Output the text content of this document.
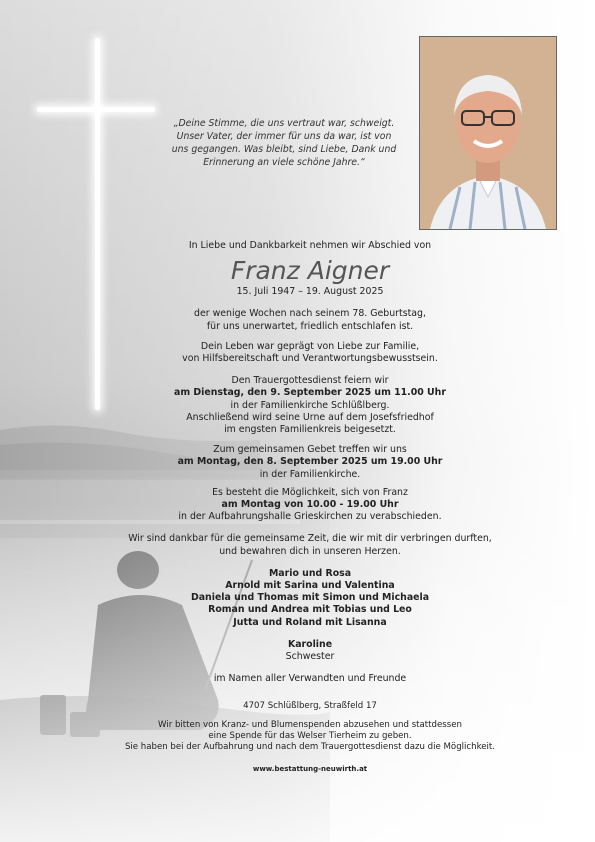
„Deine Stimme, die uns vertraut war, schweigt.
Unser Vater, der immer für uns da war, ist von
uns gegangen. Was bleibt, sind Liebe, Dank und
Erinnerung an viele schöne Jahre.“

In Liebe und Dankbarkeit nehmen wir Abschied von

Franz Aigner

15. Juli 1947 – 19. August 2025

der wenige Wochen nach seinem 78. Geburtstag,

für uns unerwartet, friedlich entschlafen ist.

Dein Leben war geprägt von Liebe zur Familie,

von Hilfsbereitschaft und Verantwortungsbewusstsein.

Den Trauergottesdienst feiern wir

am Dienstag, den 9. September 2025 um 11.00 Uhr

in der Familienkirche Schlüßlberg.

Anschließend wird seine Urne auf dem Josefsfriedhof

im engsten Familienkreis beigesetzt.

Zum gemeinsamen Gebet treffen wir uns

am Montag, den 8. September 2025 um 19.00 Uhr

in der Familienkirche.

Es besteht die Möglichkeit, sich von Franz

am Montag von 10.00 - 19.00 Uhr

in der Aufbahrungshalle Grieskirchen zu verabschieden.

Wir sind dankbar für die gemeinsame Zeit, die wir mit dir verbringen durften,

und bewahren dich in unseren Herzen.

Mario und Rosa

Arnold mit Sarina und Valentina

Daniela und Thomas mit Simon und Michaela

Roman und Andrea mit Tobias und Leo

Jutta und Roland mit Lisanna

Karoline

Schwester

im Namen aller Verwandten und Freunde

4707 Schlüßlberg, Straßfeld 17

Wir bitten von Kranz- und Blumenspenden abzusehen und stattdessen

eine Spende für das Welser Tierheim zu geben.

Sie haben bei der Aufbahrung und nach dem Trauergottesdienst dazu die Möglichkeit.

www.bestattung-neuwirth.at
